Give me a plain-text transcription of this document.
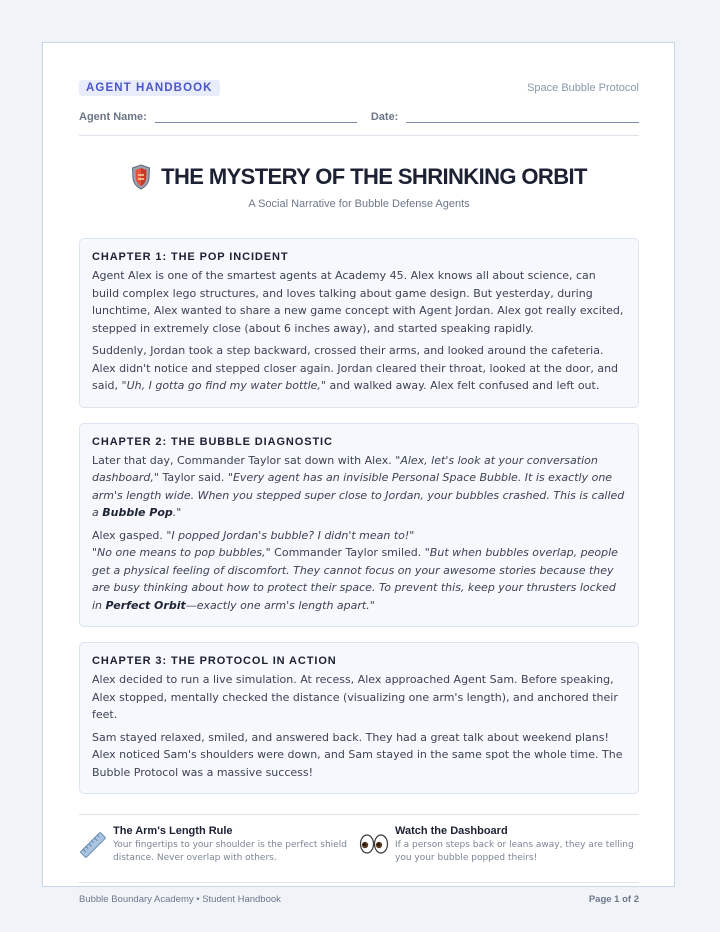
AGENT HANDBOOK	Space Bubble Protocol
Agent Name:	Date:
THE MYSTERY OF THE SHRINKING ORBIT
A Social Narrative for Bubble Defense Agents
CHAPTER 1: THE POP INCIDENT

Agent Alex is one of the smartest agents at Academy 45. Alex knows all about science, can build complex lego structures, and loves talking about game design. But yesterday, during lunchtime, Alex wanted to share a new game concept with Agent Jordan. Alex got really excited, stepped in extremely close (about 6 inches away), and started speaking rapidly.

Suddenly, Jordan took a step backward, crossed their arms, and looked around the cafeteria. Alex didn't notice and stepped closer again. Jordan cleared their throat, looked at the door, and said, "Uh, I gotta go find my water bottle," and walked away. Alex felt confused and left out.

CHAPTER 2: THE BUBBLE DIAGNOSTIC

Later that day, Commander Taylor sat down with Alex. "Alex, let's look at your conversation dashboard," Taylor said. "Every agent has an invisible Personal Space Bubble. It is exactly one arm's length wide. When you stepped super close to Jordan, your bubbles crashed. This is called a Bubble Pop."

Alex gasped. "I popped Jordan's bubble? I didn't mean to!"

"No one means to pop bubbles," Commander Taylor smiled. "But when bubbles overlap, people get a physical feeling of discomfort. They cannot focus on your awesome stories because they are busy thinking about how to protect their space. To prevent this, keep your thrusters locked in Perfect Orbit—exactly one arm's length apart."

CHAPTER 3: THE PROTOCOL IN ACTION

Alex decided to run a live simulation. At recess, Alex approached Agent Sam. Before speaking, Alex stopped, mentally checked the distance (visualizing one arm's length), and anchored their feet.

Sam stayed relaxed, smiled, and answered back. They had a great talk about weekend plans! Alex noticed Sam's shoulders were down, and Sam stayed in the same spot the whole time. The Bubble Protocol was a massive success!

The Arm's Length Rule
Your fingertips to your shoulder is the perfect shield distance. Never overlap with others.
Watch the Dashboard
If a person steps back or leans away, they are telling you your bubble popped theirs!
Bubble Boundary Academy • Student Handbook	Page 1 of 2
